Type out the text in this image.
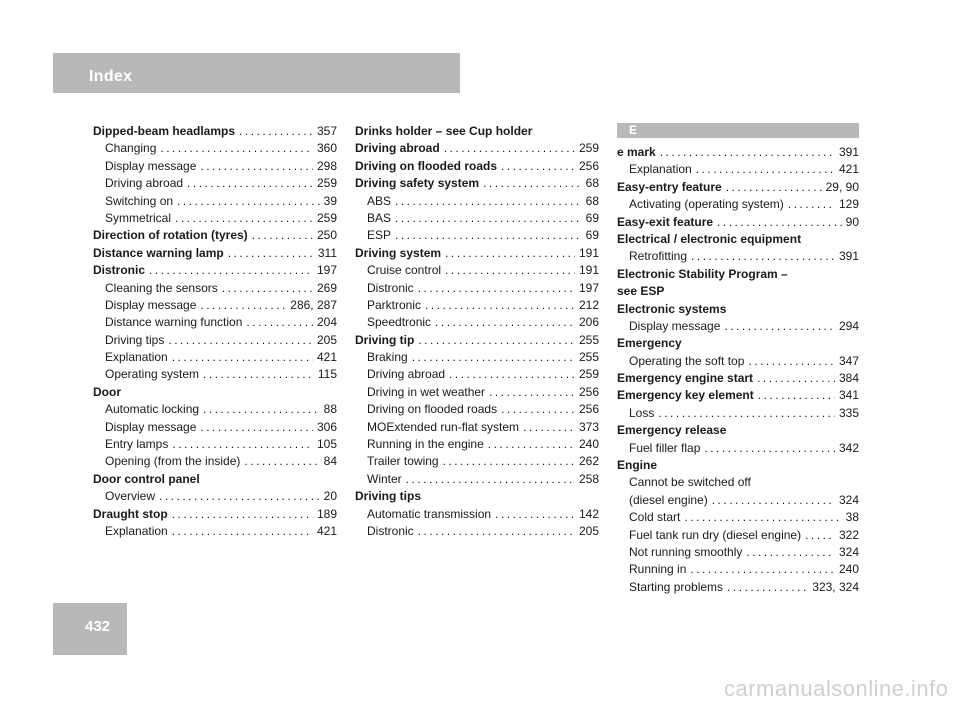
Index
432
Dipped-beam headlamps .....	357
Changing .....	360
Display message .....	298
Driving abroad .....	259
Switching on .....	39
Symmetrical .....	259
Direction of rotation (tyres) .....	250
Distance warning lamp .....	311
Distronic .....	197
Cleaning the sensors .....	269
Display message .....	286, 287
Distance warning function .....	204
Driving tips .....	205
Explanation .....	421
Operating system .....	115
Door
Automatic locking .....	88
Display message .....	306
Entry lamps .....	105
Opening (from the inside) .....	84
Door control panel
Overview .....	20
Draught stop .....	189
Explanation .....	421
Drinks holder – see Cup holder
Driving abroad .....	259
Driving on flooded roads .....	256
Driving safety system .....	68
ABS .....	68
BAS .....	69
ESP .....	69
Driving system .....	191
Cruise control .....	191
Distronic .....	197
Parktronic .....	212
Speedtronic .....	206
Driving tip .....	255
Braking .....	255
Driving abroad .....	259
Driving in wet weather .....	256
Driving on flooded roads .....	256
MOExtended run-flat system .....	373
Running in the engine .....	240
Trailer towing .....	262
Winter .....	258
Driving tips
Automatic transmission .....	142
Distronic .....	205
E
e mark .....	391
Explanation .....	421
Easy-entry feature .....	29, 90
Activating (operating system) .....	129
Easy-exit feature .....	90
Electrical / electronic equipment
Retrofitting .....	391
Electronic Stability Program –
see ESP
Electronic systems
Display message .....	294
Emergency
Operating the soft top .....	347
Emergency engine start .....	384
Emergency key element .....	341
Loss .....	335
Emergency release
Fuel filler flap .....	342
Engine
Cannot be switched off
(diesel engine) .....	324
Cold start .....	38
Fuel tank run dry (diesel engine) .....	322
Not running smoothly .....	324
Running in .....	240
Starting problems .....	323, 324
carmanualsonline.info
